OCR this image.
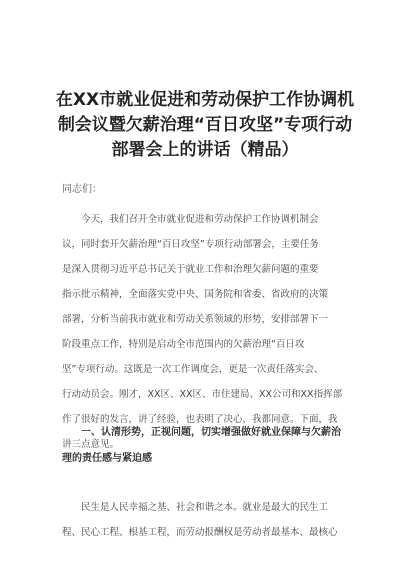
在XX市就业促进和劳动保护工作协调机
制会议暨欠薪治理“百日攻坚”专项行动
部署会上的讲话（精品）
同志们：
今天，我们召开全市就业促进和劳动保护工作协调机制会
议，同时套开欠薪治理“百日攻坚”专项行动部署会，主要任务
是深入贯彻习近平总书记关于就业工作和治理欠薪问题的重要
指示批示精神，全面落实党中央、国务院和省委、省政府的决策
部署，分析当前我市就业和劳动关系领域的形势，安排部署下一
阶段重点工作，特别是启动全市范围内的欠薪治理“百日攻
坚”专项行动。这既是一次工作调度会，更是一次责任落实会、
行动动员会。刚才，XX区、XX区、市住建局、XX公司和XX指挥部
作了很好的发言，讲了经验，也表明了决心，我都同意。下面，我
讲三点意见。
一、认清形势，正视问题，切实增强做好就业保障与欠薪治
理的责任感与紧迫感
民生是人民幸福之基、社会和谐之本。就业是最大的民生工
程、民心工程、根基工程，而劳动报酬权是劳动者最基本、最核心
